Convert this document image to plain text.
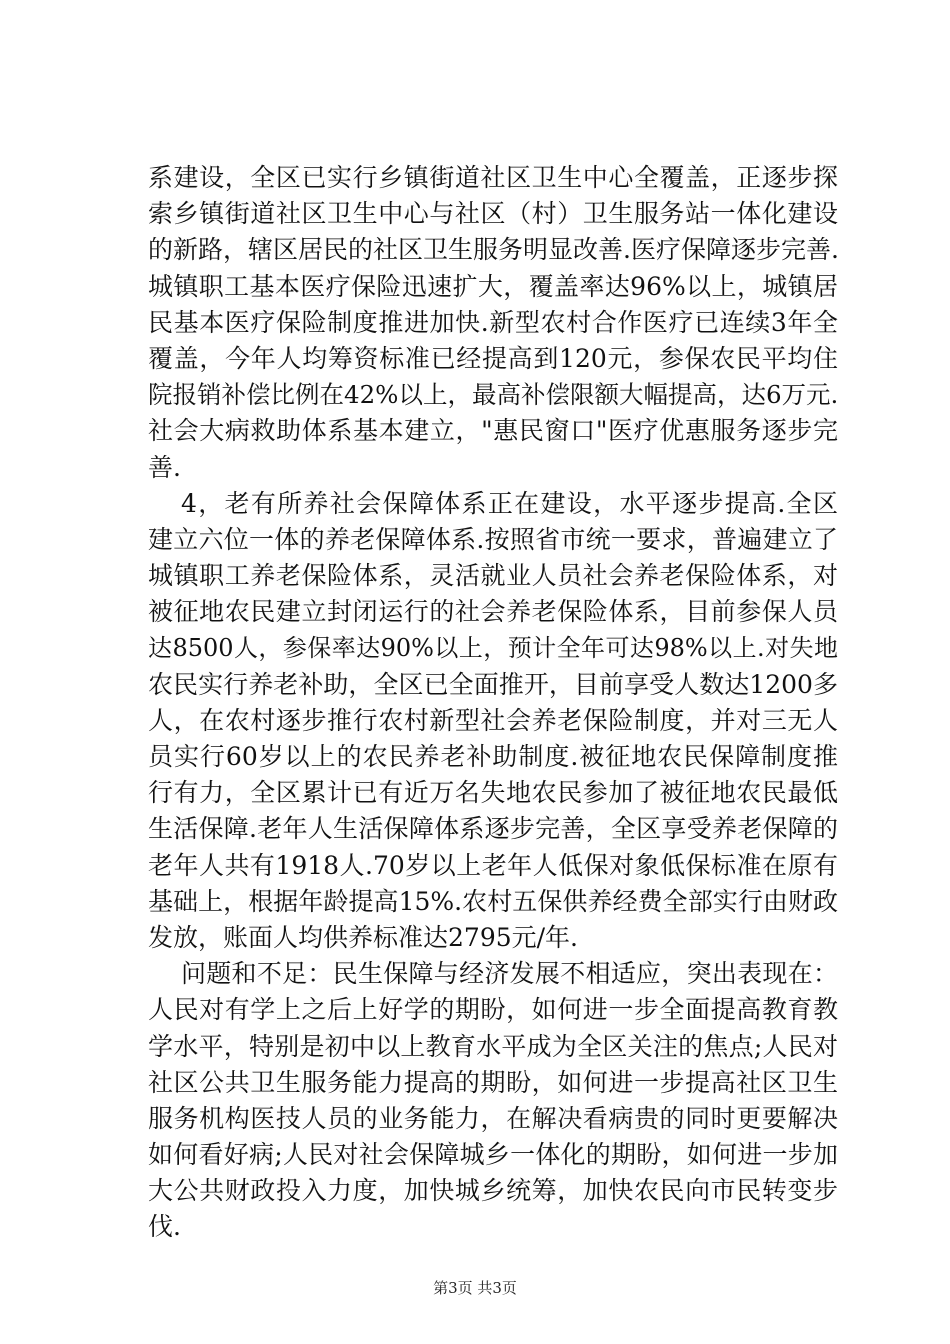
系建设，全区已实行乡镇街道社区卫生中心全覆盖，正逐步探
索乡镇街道社区卫生中心与社区（村）卫生服务站一体化建设
的新路，辖区居民的社区卫生服务明显改善.医疗保障逐步完善.
城镇职工基本医疗保险迅速扩大，覆盖率达96%以上，城镇居
民基本医疗保险制度推进加快.新型农村合作医疗已连续3年全
覆盖，今年人均筹资标准已经提高到120元，参保农民平均住
院报销补偿比例在42%以上，最高补偿限额大幅提高，达6万元.
社会大病救助体系基本建立，"惠民窗口"医疗优惠服务逐步完
善.
4，老有所养社会保障体系正在建设，水平逐步提高.全区
建立六位一体的养老保障体系.按照省市统一要求，普遍建立了
城镇职工养老保险体系，灵活就业人员社会养老保险体系，对
被征地农民建立封闭运行的社会养老保险体系，目前参保人员
达8500人，参保率达90%以上，预计全年可达98%以上.对失地
农民实行养老补助，全区已全面推开，目前享受人数达1200多
人，在农村逐步推行农村新型社会养老保险制度，并对三无人
员实行60岁以上的农民养老补助制度.被征地农民保障制度推
行有力，全区累计已有近万名失地农民参加了被征地农民最低
生活保障.老年人生活保障体系逐步完善，全区享受养老保障的
老年人共有1918人.70岁以上老年人低保对象低保标准在原有
基础上，根据年龄提高15%.农村五保供养经费全部实行由财政
发放，账面人均供养标准达2795元/年.
问题和不足：民生保障与经济发展不相适应，突出表现在：
人民对有学上之后上好学的期盼，如何进一步全面提高教育教
学水平，特别是初中以上教育水平成为全区关注的焦点;人民对
社区公共卫生服务能力提高的期盼，如何进一步提高社区卫生
服务机构医技人员的业务能力，在解决看病贵的同时更要解决
如何看好病;人民对社会保障城乡一体化的期盼，如何进一步加
大公共财政投入力度，加快城乡统筹，加快农民向市民转变步
伐.
第3页 共3页
